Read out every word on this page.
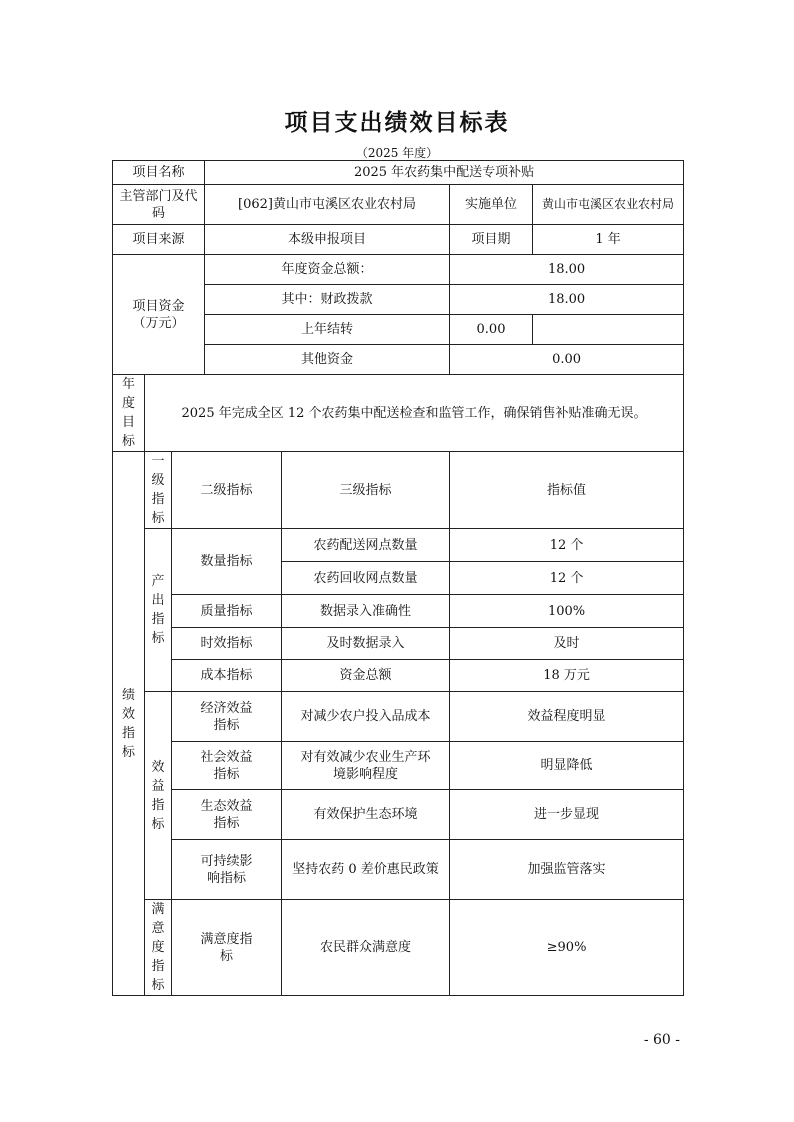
项目支出绩效目标表
（2025 年度）
项目名称			2025 年农药集中配送专项补贴			
主管部门及代码			[062]黄山市屯溪区农业农村局		实施单位	黄山市屯溪区农业农村局
项目来源			本级申报项目		项目期	1 年
项目资金（万元）			年度资金总额：		18.00	
			其中：财政拨款		18.00	
			上年结转		0.00	
			其他资金		0.00	
年度目标	2025 年完成全区 12 个农药集中配送检查和监管工作，确保销售补贴准确无误。					
绩效指标	一级指标	二级指标		三级指标	指标值	
	产出指标	数量指标		农药配送网点数量	12 个	
				农药回收网点数量	12 个	
		质量指标		数据录入准确性	100%	
		时效指标		及时数据录入	及时	
		成本指标		资金总额	18 万元	
	效益指标	经济效益指标		对减少农户投入品成本	效益程度明显	
		社会效益指标		对有效减少农业生产环境影响程度	明显降低	
		生态效益指标		有效保护生态环境	进一步显现	
		可持续影响指标		坚持农药 0 差价惠民政策	加强监管落实	
	满意度指标	满意度指标		农民群众满意度	≥90%	
- 60 -
